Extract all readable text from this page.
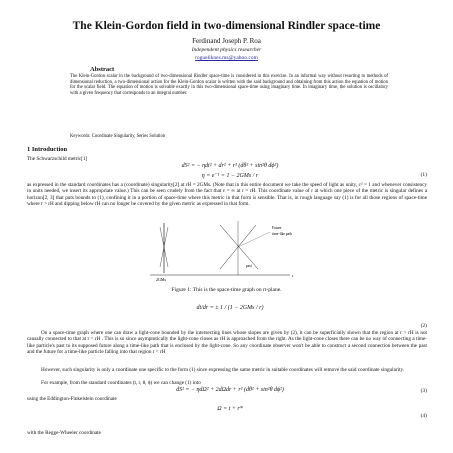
The Klein-Gordon field in two-dimensional Rindler space-time
Ferdinand Joseph P. Roa
Independent physics researcher
rogueliknes.ms@yahoo.com
Abstract
The Klein-Gordon scalar in the background of two-dimensional Rindler space-time is considered in this exercise. In an informal way without resorting to methods of dimensional reduction, a two-dimensional action for the Klein-Gordon scalar is written with the said background and obtaining from this action the equation of motion for the scalar field. The equation of motion is solvable exactly in this two-dimensional space-time using imaginary time. In imaginary time, the solution is oscillatory with a given frequency that corresponds to an integral number.
Keywords: Coordinate Singularity, Series Solution
1 Introduction
The Schwarzschild metric[1]
dS² = − ηdt² + dr² + r² (dθ² + sin²θ dϕ²)
η = e⁻¹ = 1 − 2GMs / r	(1)
as expressed in the standard coordinates has a (coordinate) singularity[2] at rH = 2GMs. (Note that in this entire document we take the speed of light as unity, c² = 1 and whenever consistency in units needed, we insert its appropriate value.) This can be seen crudely from the fact that ε = ∞ at r = rH. This coordinate value of r at which one piece of the metric is singular defines a horizon[2, 3] that puts bounds to (1), confining it in a portion of space-time where this metric in that form is sensible. That is, in rough language say (1) is for all those regions of space-time where r > rH and dipping below rH can no longer be covered by the given metric as expressed in that form.
Future
time-like path
past
2GMs
r
Figure 1: This is the space-time graph on rt-plane.
dt/dr = ± 1 / (1 − 2GMs / r)
(2)
On a space-time graph where one can draw a light-cone bounded by the intersecting lines whose slopes are given by (2), it can be superficially shown that the region at r > rH is not causally connected to that at r < rH . This is so since asymptotically the light-cone closes as rH is approached from the right. As the light-cone closes there can be no way of connecting a time-like particle's past to its supposed future along a time-like path that is enclosed by the light-cone. So any coordinate observer won't be able to construct a second connection between the past and the future for a time-like particle falling into that region r < rH
However, such singularity is only a coordinate one specific to the form (1) since expressing the same metric in suitable coordinates will remove the said coordinate singularity.
For example, from the standard coordinates (t, r, θ, ϕ) we can change (1) into
dS² = − ηdΩ² + 2dΩdr + r² (dθ² + sin²θ dϕ²)	(3)
using the Eddington-Finkelstein coordinate
Ω = t + r*
(4)
with the Regge-Wheeler coordinate
